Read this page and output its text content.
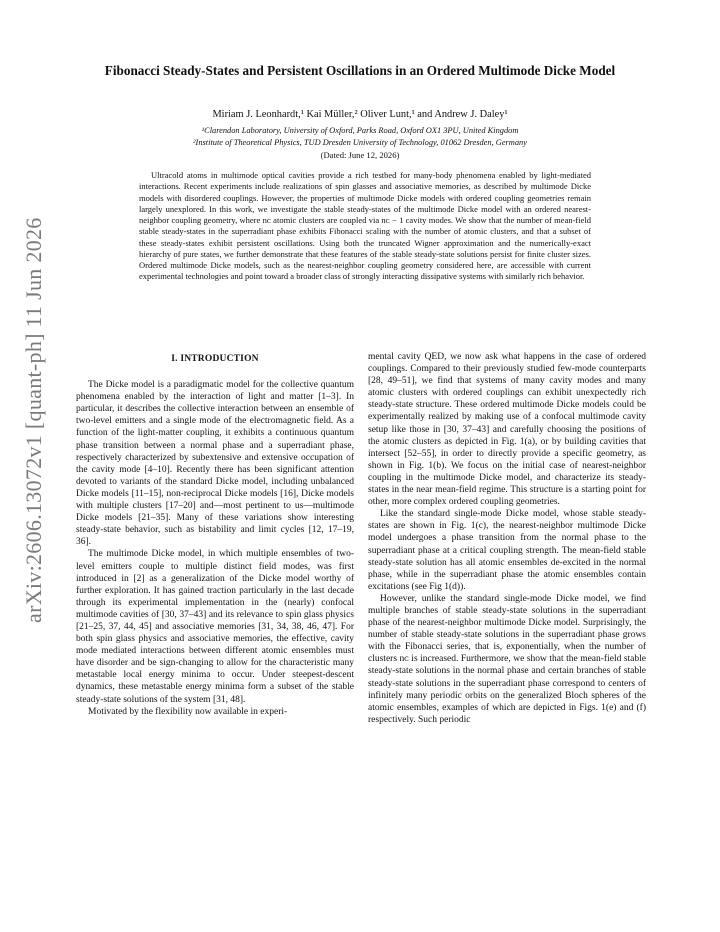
Fibonacci Steady-States and Persistent Oscillations in an Ordered Multimode Dicke Model
Miriam J. Leonhardt,¹ Kai Müller,² Oliver Lunt,¹ and Andrew J. Daley¹
¹Clarendon Laboratory, University of Oxford, Parks Road, Oxford OX1 3PU, United Kingdom
²Institute of Theoretical Physics, TUD Dresden University of Technology, 01062 Dresden, Germany
(Dated: June 12, 2026)

Ultracold atoms in multimode optical cavities provide a rich testbed for many-body phenomena enabled by light-mediated interactions. Recent experiments include realizations of spin glasses and associative memories, as described by multimode Dicke models with disordered couplings. However, the properties of multimode Dicke models with ordered coupling geometries remain largely unexplored. In this work, we investigate the stable steady-states of the multimode Dicke model with an ordered nearest-neighbor coupling geometry, where nᴄ atomic clusters are coupled via nᴄ − 1 cavity modes. We show that the number of mean-field stable steady-states in the superradiant phase exhibits Fibonacci scaling with the number of atomic clusters, and that a subset of these steady-states exhibit persistent oscillations. Using both the truncated Wigner approximation and the numerically-exact hierarchy of pure states, we further demonstrate that these features of the stable steady-state solutions persist for finite cluster sizes. Ordered multimode Dicke models, such as the nearest-neighbor coupling geometry considered here, are accessible with current experimental technologies and point toward a broader class of strongly interacting dissipative systems with similarly rich behavior.

arXiv:2606.13072v1 [quant-ph] 11 Jun 2026	I. INTRODUCTION

The Dicke model is a paradigmatic model for the collective quantum phenomena enabled by the interaction of light and matter [1–3]. In particular, it describes the collective interaction between an ensemble of two-level emitters and a single mode of the electromagnetic field. As a function of the light-matter coupling, it exhibits a continuous quantum phase transition between a normal phase and a superradiant phase, respectively characterized by subextensive and extensive occupation of the cavity mode [4–10]. Recently there has been significant attention devoted to variants of the standard Dicke model, including unbalanced Dicke models [11–15], non-reciprocal Dicke models [16], Dicke models with multiple clusters [17–20] and—most pertinent to us—multimode Dicke models [21–35]. Many of these variations show interesting steady-state behavior, such as bistability and limit cycles [12, 17–19, 36].

The multimode Dicke model, in which multiple ensembles of two-level emitters couple to multiple distinct field modes, was first introduced in [2] as a generalization of the Dicke model worthy of further exploration. It has gained traction particularly in the last decade through its experimental implementation in the (nearly) confocal multimode cavities of [30, 37–43] and its relevance to spin glass physics [21–25, 37, 44, 45] and associative memories [31, 34, 38, 46, 47]. For both spin glass physics and associative memories, the effective, cavity mode mediated interactions between different atomic ensembles must have disorder and be sign-changing to allow for the characteristic many metastable local energy minima to occur. Under steepest-descent dynamics, these metastable energy minima form a subset of the stable steady-state solutions of the system [31, 48].

Motivated by the flexibility now available in experi-

mental cavity QED, we now ask what happens in the case of ordered couplings. Compared to their previously studied few-mode counterparts [28, 49–51], we find that systems of many cavity modes and many atomic clusters with ordered couplings can exhibit unexpectedly rich steady-state structure. These ordered multimode Dicke models could be experimentally realized by making use of a confocal multimode cavity setup like those in [30, 37–43] and carefully choosing the positions of the atomic clusters as depicted in Fig. 1(a), or by building cavities that intersect [52–55], in order to directly provide a specific geometry, as shown in Fig. 1(b). We focus on the initial case of nearest-neighbor coupling in the multimode Dicke model, and characterize its steady-states in the near mean-field regime. This structure is a starting point for other, more complex ordered coupling geometries.

Like the standard single-mode Dicke model, whose stable steady-states are shown in Fig. 1(c), the nearest-neighbor multimode Dicke model undergoes a phase transition from the normal phase to the superradiant phase at a critical coupling strength. The mean-field stable steady-state solution has all atomic ensembles de-excited in the normal phase, while in the superradiant phase the atomic ensembles contain excitations (see Fig 1(d)).

However, unlike the standard single-mode Dicke model, we find multiple branches of stable steady-state solutions in the superradiant phase of the nearest-neighbor multimode Dicke model. Surprisingly, the number of stable steady-state solutions in the superradiant phase grows with the Fibonacci series, that is, exponentially, when the number of clusters nᴄ is increased. Furthermore, we show that the mean-field stable steady-state solutions in the normal phase and certain branches of stable steady-state solutions in the superradiant phase correspond to centers of infinitely many periodic orbits on the generalized Bloch spheres of the atomic ensembles, examples of which are depicted in Figs. 1(e) and (f) respectively. Such periodic
